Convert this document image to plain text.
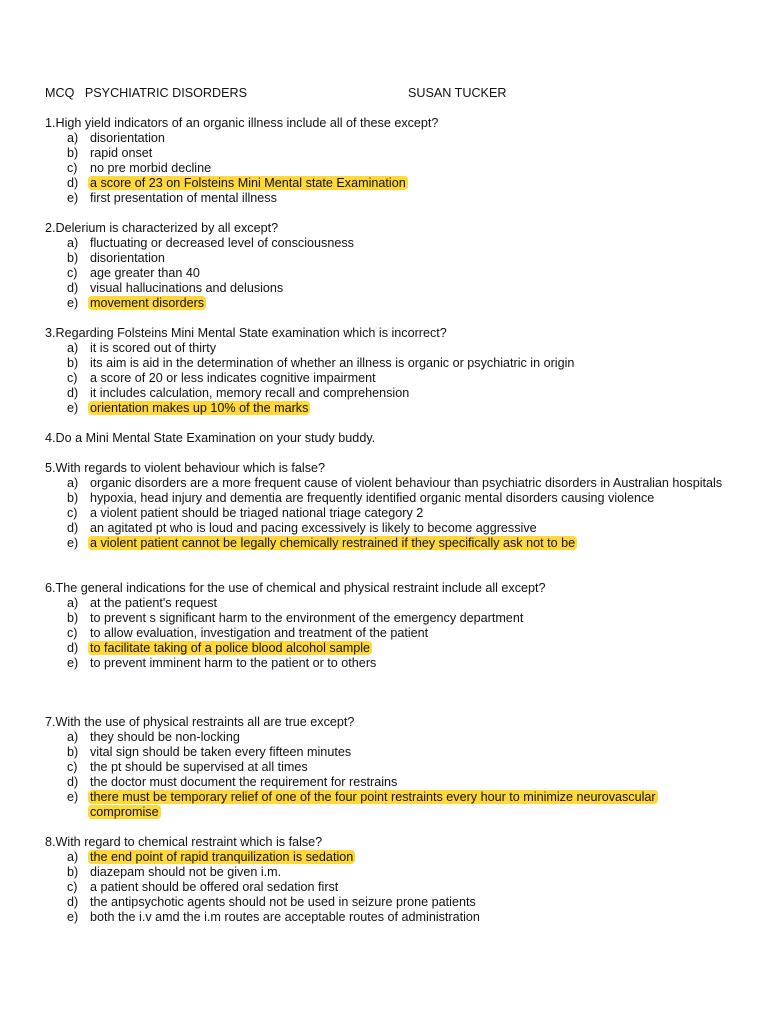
MCQ   PSYCHIATRIC DISORDERS	SUSAN TUCKER
1.High yield indicators of an organic illness include all of these except?
a) disorientation
b) rapid onset
c) no pre morbid decline
d) a score of 23 on Folsteins Mini Mental state Examination
e) first presentation of mental illness
2.Delerium is characterized by all except?
a) fluctuating or decreased level of consciousness
b) disorientation
c) age greater than 40
d) visual hallucinations and delusions
e) movement disorders
3.Regarding Folsteins Mini Mental State examination which is incorrect?
a) it is scored out of thirty
b) its aim is aid in the determination of whether an illness is organic or psychiatric in origin
c) a score of 20 or less indicates cognitive impairment
d) it includes calculation, memory recall and comprehension
e) orientation makes up 10% of the marks
4.Do a Mini Mental State Examination on your study buddy.
5.With regards to violent behaviour which is false?
a) organic disorders are a more frequent cause of violent behaviour than psychiatric disorders in Australian hospitals
b) hypoxia, head injury and dementia are frequently identified organic mental disorders causing violence
c) a violent patient should be triaged national triage category 2
d) an agitated pt who is loud and pacing excessively is likely to become aggressive
e) a violent patient cannot be legally chemically restrained if they specifically ask not to be
6.The general indications for the use of chemical and physical restraint include all except?
a) at the patient's request
b) to prevent s significant harm to the environment of the emergency department
c) to allow evaluation, investigation and treatment of the patient
d) to facilitate taking of a police blood alcohol sample
e) to prevent imminent harm to the patient or to others
7.With the use of physical restraints all are true except?
a) they should be non-locking
b) vital sign should be taken every fifteen minutes
c) the pt should be supervised at all times
d) the doctor must document the requirement for restrains
e) there must be temporary relief of one of the four point restraints every hour to minimize neurovascular compromise
8.With regard to chemical restraint which is false?
a) the end point of rapid tranquilization is sedation
b) diazepam should not be given i.m.
c) a patient should be offered oral sedation first
d) the antipsychotic agents should not be used in seizure prone patients
e) both the i.v amd the i.m routes are acceptable routes of administration
